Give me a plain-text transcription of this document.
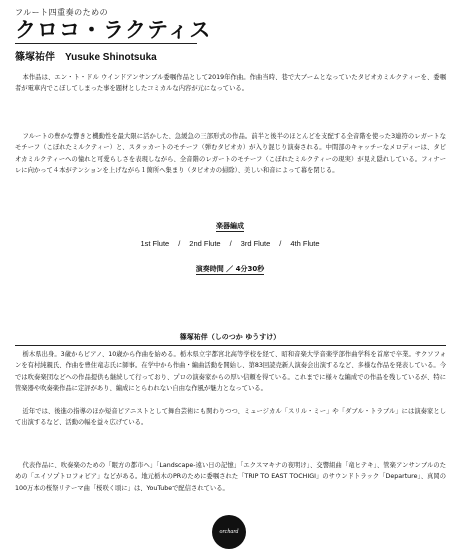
フルート四重奏のための
クロコ・ラクティス
篠塚祐伴 Yusuke Shinotsuka

本作品は、エン・ト・ドル ウインドアンサンブル委嘱作品として2019年作曲。作曲当時、巷で大ブームとなっていたタピオカミルクティーを、委嘱者が電車内でこぼしてしまった事を題材としたコミカルな内容が元になっている。

フルートの豊かな響きと機動性を最大限に活かした、急緩急の三部形式の作品。前半と後半のほとんどを支配する全音階を使った3連符のレガートなモチーフ（こぼれたミルクティー）と、スタッカートのモチーフ（弾むタピオカ）が入り混じり演奏される。中間部のキャッチーなメロディーは、タピオカミルクティーへの憧れと可愛らしさを表現しながら、全音階のレガートのモチーフ（こぼれたミルクティーの現実）が見え隠れしている。フィナーレに向かって４本がテンションを上げながら１箇所へ集まり（タピオカの掃除）、美しい和音によって幕を閉じる。

楽器編成
1st Flute / 2nd Flute / 3rd Flute / 4th Flute
演奏時間 ／ 4分30秒
篠塚祐伴（しのつか ゆうすけ）

栃木県出身。3歳からピアノ、10歳から作曲を始める。栃木県立宇都宮北高等学校を経て、昭和音楽大学音楽学部作曲学科を首席で卒業。サクソフォンを有村純親氏、作曲を豊住竜志氏に師事。在学中から作曲・編曲活動を開始し、第83回読売新人演奏会出演するなど、多様な作品を発表している。今では吹奏楽団などへの作品提供も継続して行っており、プロの演奏家からの厚い信頼を得ている。これまでに様々な編成での作品を残しているが、特に管楽器や吹奏楽作品に定評があり、編成にとらわれない自由な作風が魅力となっている。

近年では、後進の指導のほか短音ピアニストとして舞台芸術にも関わりつつ、ミュージカル「スリル・ミー」や「ダブル・トラブル」には演奏家として出演するなど、活動の幅を益々広げている。

代表作品に、吹奏楽のための「眠方の都市へ」「Landscape-遠い日の記憶」「エクスマキナの夜明け」、交響組曲「竜ヒテキ」、管楽アンサンブルのための「エイソプトロフォビア」などがある。地元栃木のPRのために委嘱された「TRIP TO EAST TOCHIGI」のサウンドトラック「Departure」、真岡の100万本の桜祭リテーマ曲「桜咲く頃に」は、YouTubeで配信されている。

orchard
